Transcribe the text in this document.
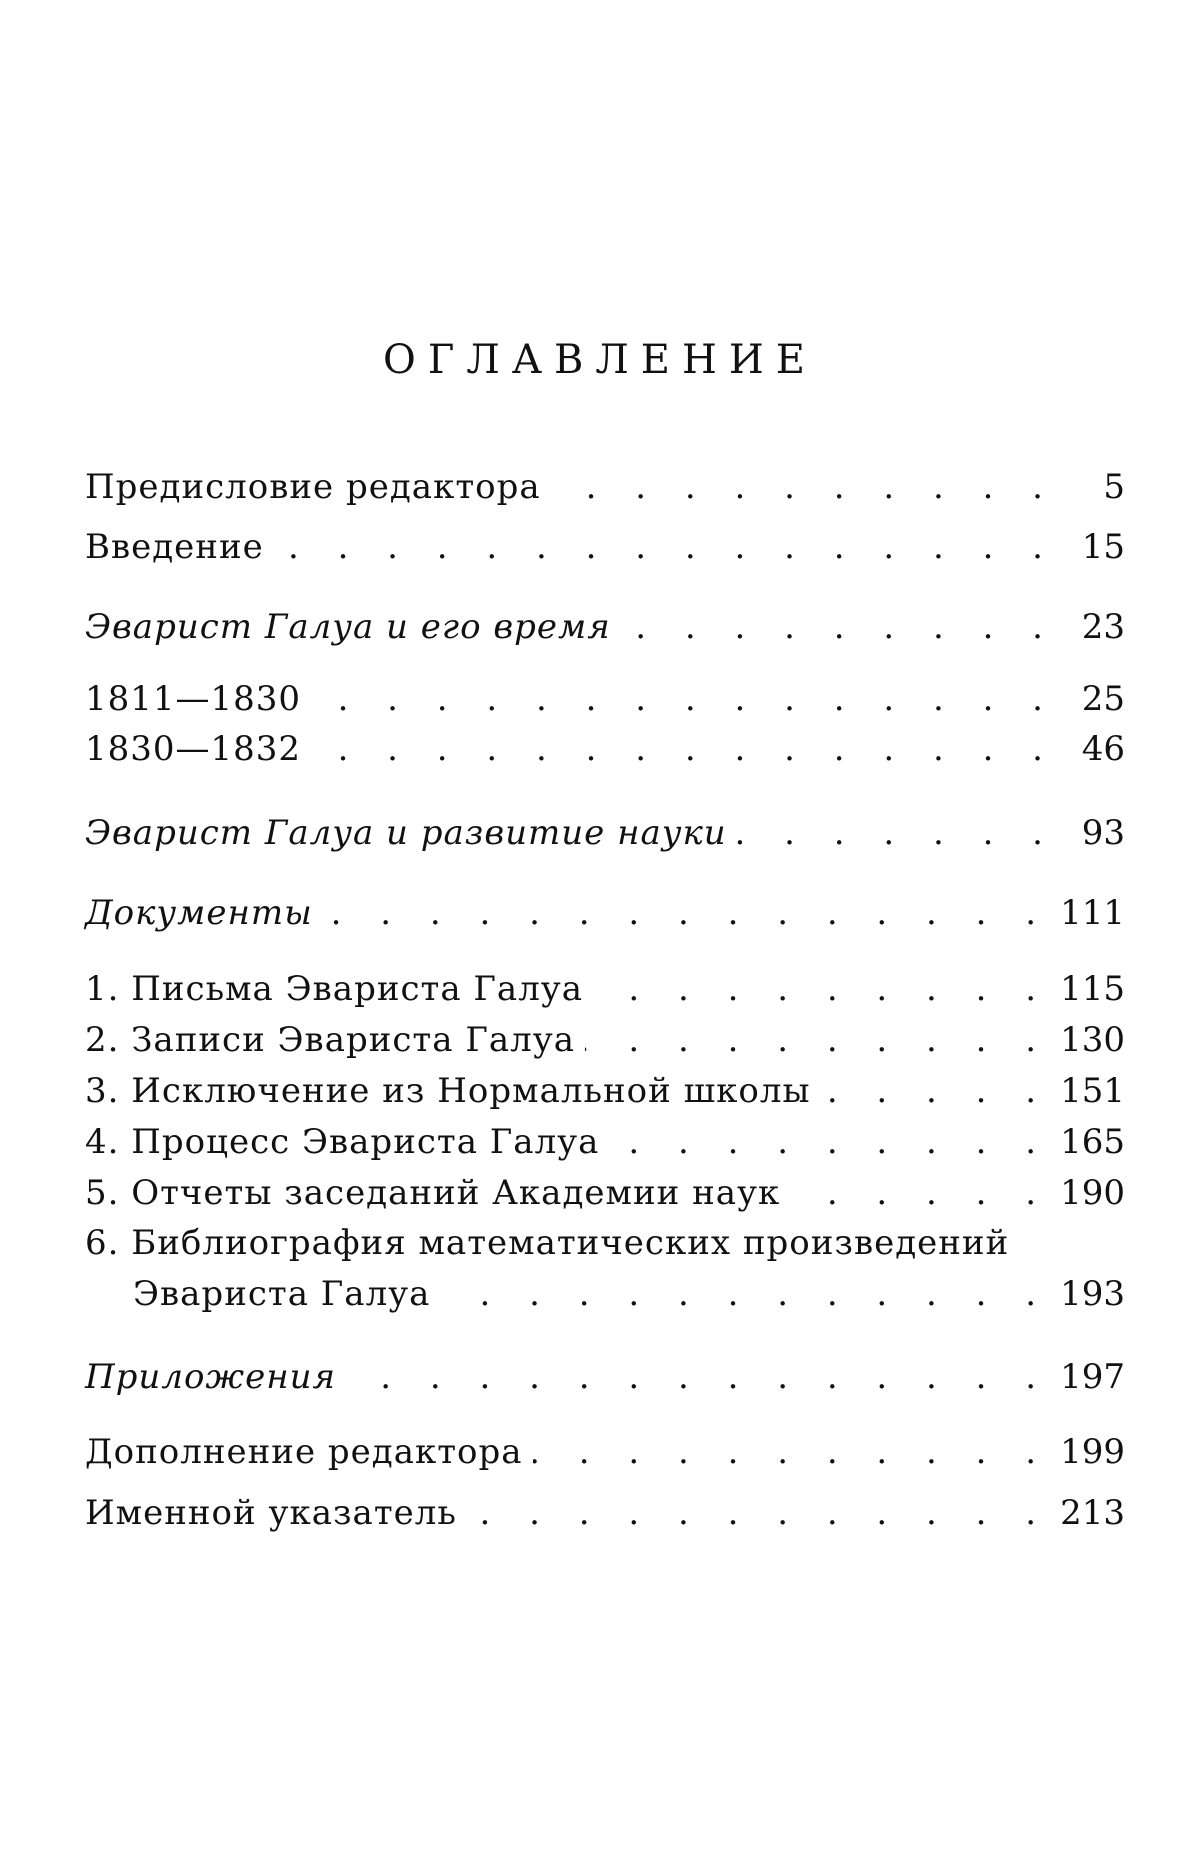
ОГЛАВЛЕНИЕ
Предисловие редактора . . .	5
Введение . . .	15
Эварист Галуа и его время . . .	23
1811—1830 . . .	25
1830—1832 . . .	46
Эварист Галуа и развитие науки . . .	93
Документы . . .	111
1. Письма Эвариста Галуа . . .	115
2. Записи Эвариста Галуа . . .	130
3. Исключение из Нормальной школы . . .	151
4. Процесс Эвариста Галуа . . .	165
5. Отчеты заседаний Академии наук . . .	190
6. Библиография математических произведений
Эвариста Галуа . . .	193
Приложения . . .	197
Дополнение редактора . . .	199
Именной указатель . . .	213
